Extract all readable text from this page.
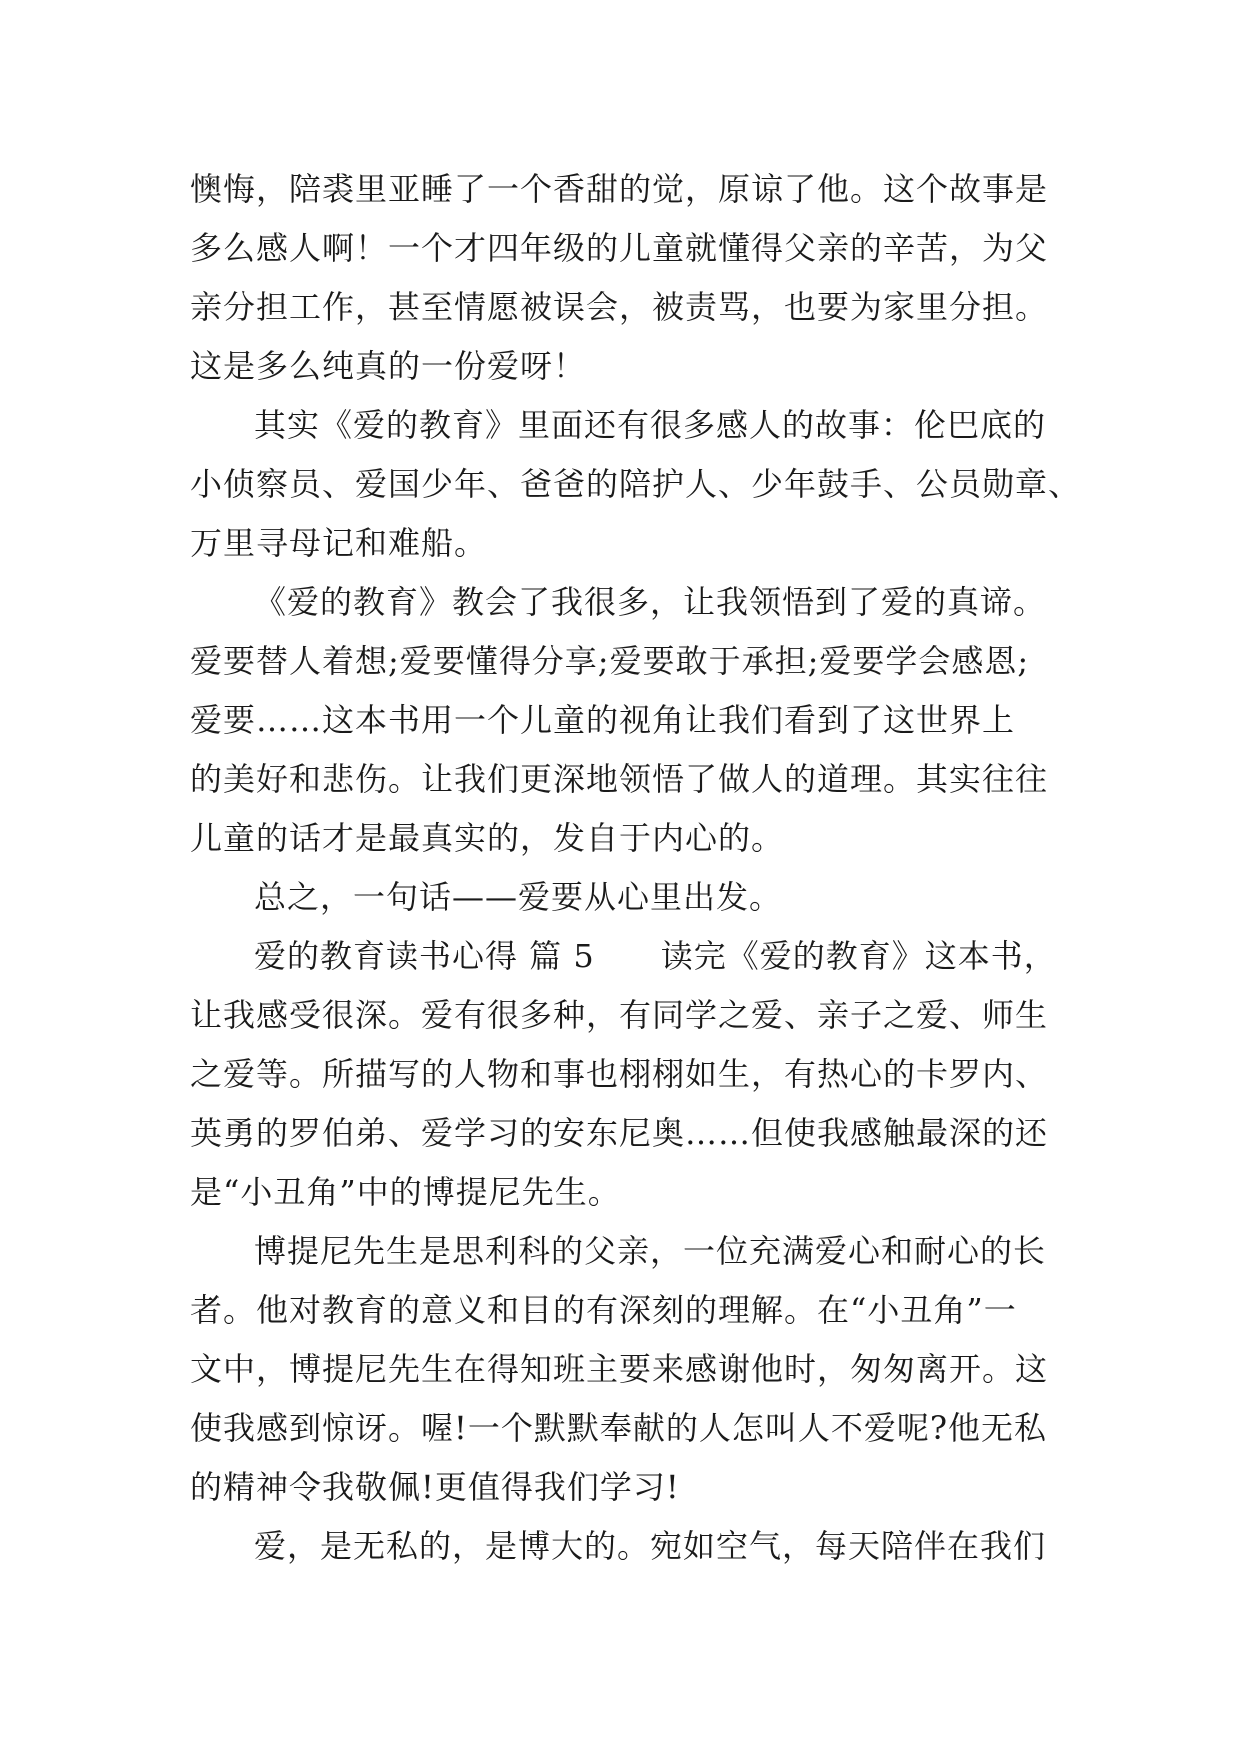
懊悔，陪裘里亚睡了一个香甜的觉，原谅了他。这个故事是
多么感人啊！一个才四年级的儿童就懂得父亲的辛苦，为父
亲分担工作，甚至情愿被误会，被责骂，也要为家里分担。
这是多么纯真的一份爱呀！
其实《爱的教育》里面还有很多感人的故事：伦巴底的
小侦察员、爱国少年、爸爸的陪护人、少年鼓手、公员勋章、
万里寻母记和难船。
《爱的教育》教会了我很多，让我领悟到了爱的真谛。
爱要替人着想;爱要懂得分享;爱要敢于承担;爱要学会感恩;
爱要……这本书用一个儿童的视角让我们看到了这世界上
的美好和悲伤。让我们更深地领悟了做人的道理。其实往往
儿童的话才是最真实的，发自于内心的。
总之，一句话——爱要从心里出发。
爱的教育读书心得 篇 5　　读完《爱的教育》这本书，
让我感受很深。爱有很多种，有同学之爱、亲子之爱、师生
之爱等。所描写的人物和事也栩栩如生，有热心的卡罗内、
英勇的罗伯弟、爱学习的安东尼奥……但使我感触最深的还
是“小丑角”中的博提尼先生。
博提尼先生是思利科的父亲，一位充满爱心和耐心的长
者。他对教育的意义和目的有深刻的理解。在“小丑角”一
文中，博提尼先生在得知班主要来感谢他时，匆匆离开。这
使我感到惊讶。喔!一个默默奉献的人怎叫人不爱呢?他无私
的精神令我敬佩!更值得我们学习!
爱，是无私的，是博大的。宛如空气，每天陪伴在我们
